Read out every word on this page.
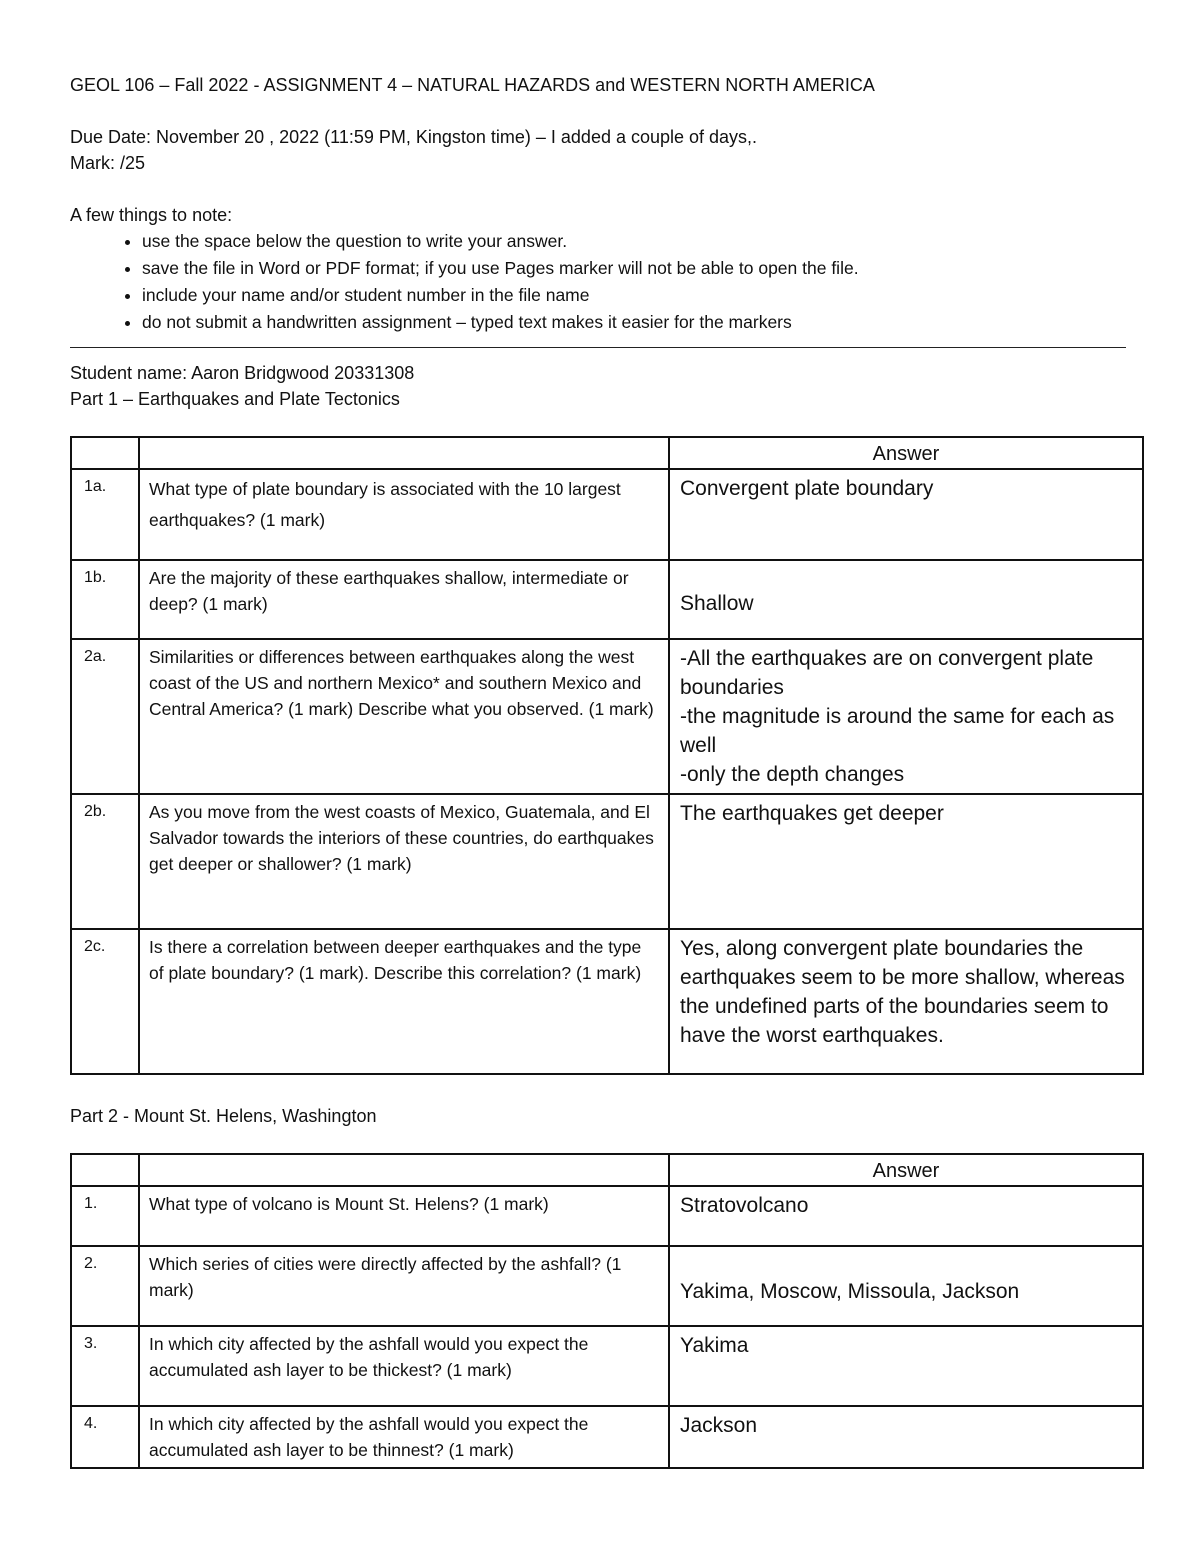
GEOL 106 – Fall 2022 - ASSIGNMENT 4 – NATURAL HAZARDS and WESTERN NORTH AMERICA

Due Date: November 20 , 2022 (11:59 PM, Kingston time) – I added a couple of days,.

Mark: /25

A few things to note:

• use the space below the question to write your answer.
• save the file in Word or PDF format; if you use Pages marker will not be able to open the file.
• include your name and/or student number in the file name
• do not submit a handwritten assignment – typed text makes it easier for the markers

Student name: Aaron Bridgwood 20331308

Part 1 – Earthquakes and Plate Tectonics

		Answer
1a.	What type of plate boundary is associated with the 10 largest earthquakes? (1 mark)	Convergent plate boundary
1b.	Are the majority of these earthquakes shallow, intermediate or deep? (1 mark)	Shallow
2a.	Similarities or differences between earthquakes along the west coast of the US and northern Mexico* and southern Mexico and Central America? (1 mark) Describe what you observed. (1 mark)	-All the earthquakes are on convergent plate boundaries
-the magnitude is around the same for each as well
-only the depth changes
2b.	As you move from the west coasts of Mexico, Guatemala, and El Salvador towards the interiors of these countries, do earthquakes get deeper or shallower? (1 mark)	The earthquakes get deeper
2c.	Is there a correlation between deeper earthquakes and the type of plate boundary? (1 mark). Describe this correlation? (1 mark)	Yes, along convergent plate boundaries the earthquakes seem to be more shallow, whereas the undefined parts of the boundaries seem to have the worst earthquakes.

Part 2 - Mount St. Helens, Washington

		Answer
1.	What type of volcano is Mount St. Helens? (1 mark)	Stratovolcano
2.	Which series of cities were directly affected by the ashfall? (1 mark)	Yakima, Moscow, Missoula, Jackson
3.	In which city affected by the ashfall would you expect the accumulated ash layer to be thickest? (1 mark)	Yakima
4.	In which city affected by the ashfall would you expect the accumulated ash layer to be thinnest? (1 mark)	Jackson
